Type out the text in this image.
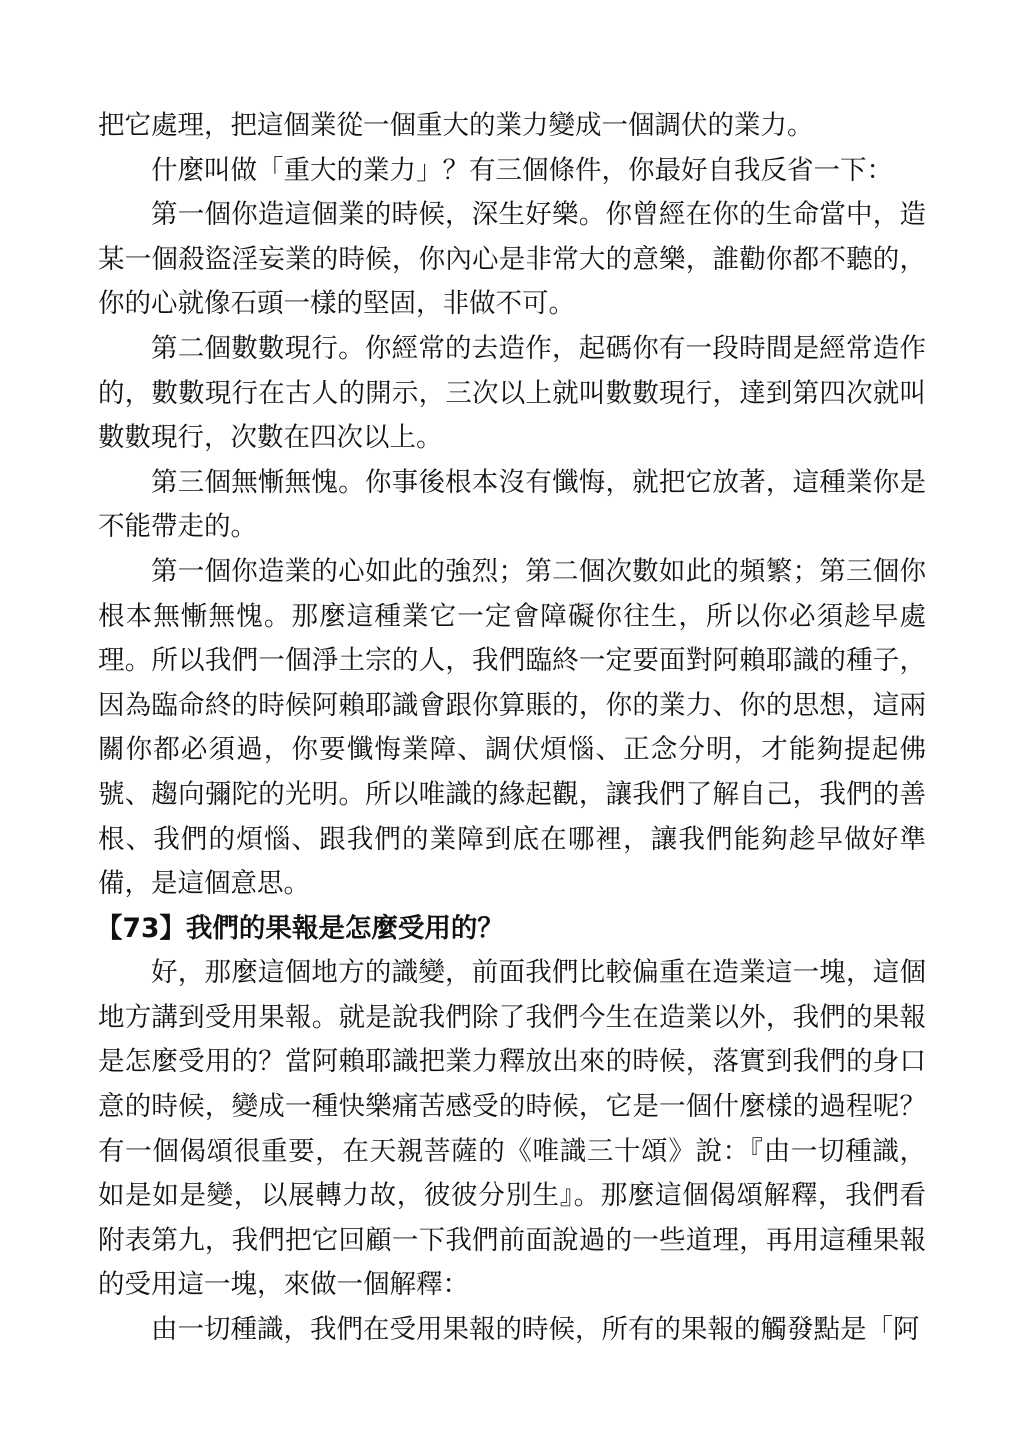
把它處理，把這個業從一個重大的業力變成一個調伏的業力。

什麼叫做「重大的業力」？有三個條件，你最好自我反省一下：

第一個你造這個業的時候，深生好樂。你曾經在你的生命當中，造某一個殺盜淫妄業的時候，你內心是非常大的意樂，誰勸你都不聽的，你的心就像石頭一樣的堅固，非做不可。

第二個數數現行。你經常的去造作，起碼你有一段時間是經常造作的，數數現行在古人的開示，三次以上就叫數數現行，達到第四次就叫數數現行，次數在四次以上。

第三個無慚無愧。你事後根本沒有懺悔，就把它放著，這種業你是不能帶走的。

第一個你造業的心如此的強烈；第二個次數如此的頻繁；第三個你根本無慚無愧。那麼這種業它一定會障礙你往生，所以你必須趁早處理。所以我們一個淨土宗的人，我們臨終一定要面對阿賴耶識的種子，因為臨命終的時候阿賴耶識會跟你算賬的，你的業力、你的思想，這兩關你都必須過，你要懺悔業障、調伏煩惱、正念分明，才能夠提起佛號、趨向彌陀的光明。所以唯識的緣起觀，讓我們了解自己，我們的善根、我們的煩惱、跟我們的業障到底在哪裡，讓我們能夠趁早做好準備，是這個意思。

【73】我們的果報是怎麼受用的？

好，那麼這個地方的識變，前面我們比較偏重在造業這一塊，這個地方講到受用果報。就是說我們除了我們今生在造業以外，我們的果報是怎麼受用的？當阿賴耶識把業力釋放出來的時候，落實到我們的身口意的時候，變成一種快樂痛苦感受的時候，它是一個什麼樣的過程呢？有一個偈頌很重要，在天親菩薩的《唯識三十頌》說：『由一切種識，如是如是變，以展轉力故，彼彼分別生』。那麼這個偈頌解釋，我們看附表第九，我們把它回顧一下我們前面說過的一些道理，再用這種果報的受用這一塊，來做一個解釋：

由一切種識，我們在受用果報的時候，所有的果報的觸發點是「阿
